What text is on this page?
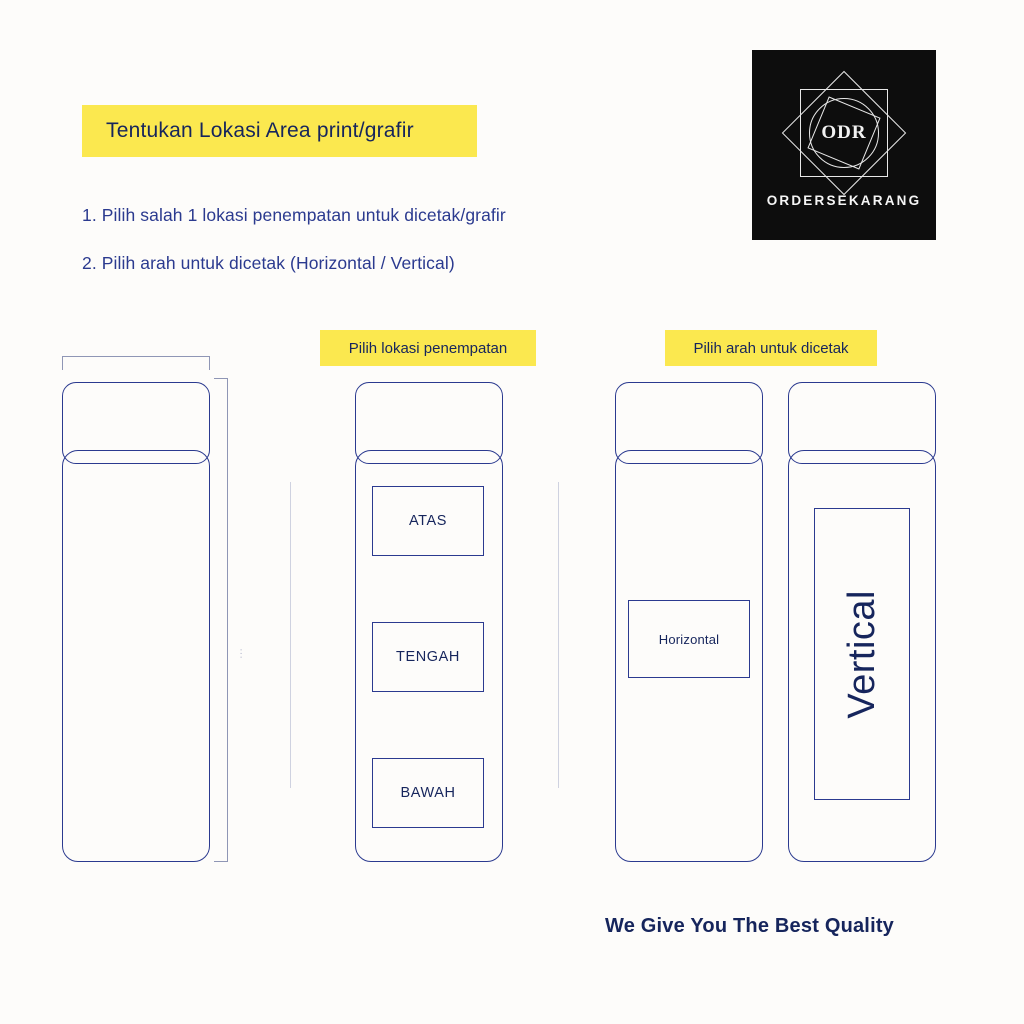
Tentukan Lokasi Area print/grafir
1. Pilih salah 1 lokasi penempatan untuk dicetak/grafir
2. Pilih arah untuk dicetak (Horizontal / Vertical)
ODR
ORDERSEKARANG
Pilih lokasi penempatan	Pilih arah untuk dicetak
···
ATAS
TENGAH
BAWAH
Horizontal	Vertical
We Give You The Best Quality
